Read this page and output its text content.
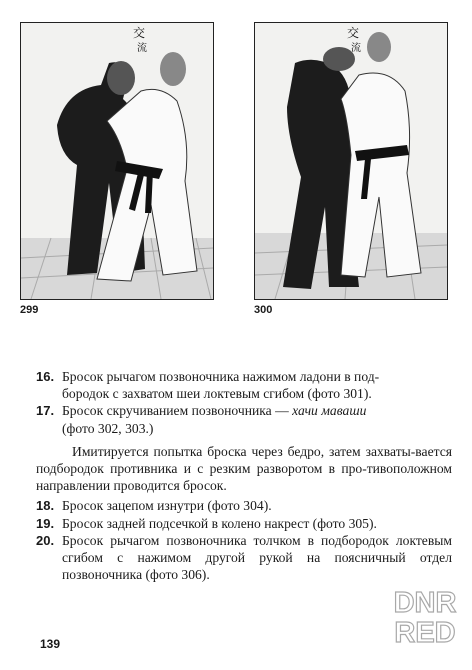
交
流
交
流
299	300
16. Бросок рычагом позвоночника нажимом ладони в под-
бородок с захватом шеи локтевым сгибом (фото 301).
17. Бросок скручиванием позвоночника — хачи маваши
(фото 302, 303.)
Имитируется попытка броска через бедро, затем захваты-вается подбородок противника и с резким разворотом в про-тивоположном направлении проводится бросок.
18. Бросок зацепом изнутри (фото 304).
19. Бросок задней подсечкой в колено накрест (фото 305).
20. Бросок рычагом позвоночника толчком в подбородок локтевым сгибом с нажимом другой рукой на поясничный отдел позвоночника (фото 306).
139
DNR
RED
